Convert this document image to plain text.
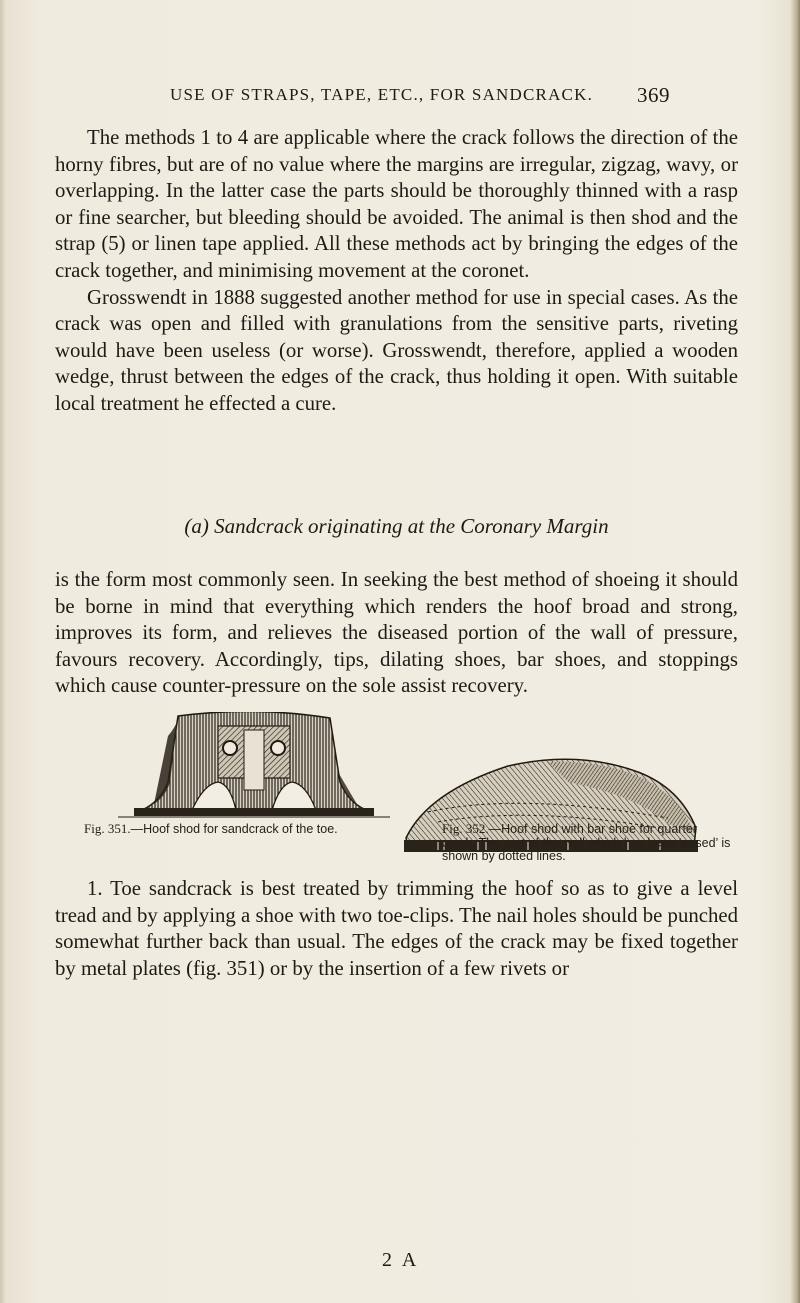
USE OF STRAPS, TAPE, ETC., FOR SANDCRACK. 369

The methods 1 to 4 are applicable where the crack follows the direction of the horny fibres, but are of no value where the margins are irregular, zigzag, wavy, or overlapping. In the latter case the parts should be thoroughly thinned with a rasp or fine searcher, but bleeding should be avoided. The animal is then shod and the strap (5) or linen tape applied. All these methods act by bringing the edges of the crack together, and minimising movement at the coronet.

Grosswendt in 1888 suggested another method for use in special cases. As the crack was open and filled with granulations from the sensitive parts, riveting would have been useless (or worse). Grosswendt, therefore, applied a wooden wedge, thrust between the edges of the crack, thus holding it open. With suitable local treatment he effected a cure.

(a) Sandcrack originating at the Coronary Margin

is the form most commonly seen. In seeking the best method of shoeing it should be borne in mind that everything which renders the hoof broad and strong, improves its form, and relieves the diseased portion of the wall of pressure, favours recovery. Accordingly, tips, dilating shoes, bar shoes, and stoppings which cause counter-pressure on the sole assist recovery.

Fig. 351.—Hoof shod for sandcrack of the toe.	Fig. 352.—Hoof shod with bar shoe for quarter crack. The part of the wall which has been ‘eased’ is shown by dotted lines.

1. Toe sandcrack is best treated by trimming the hoof so as to give a level tread and by applying a shoe with two toe-clips. The nail holes should be punched somewhat further back than usual. The edges of the crack may be fixed together by metal plates (fig. 351) or by the insertion of a few rivets or

2 A
